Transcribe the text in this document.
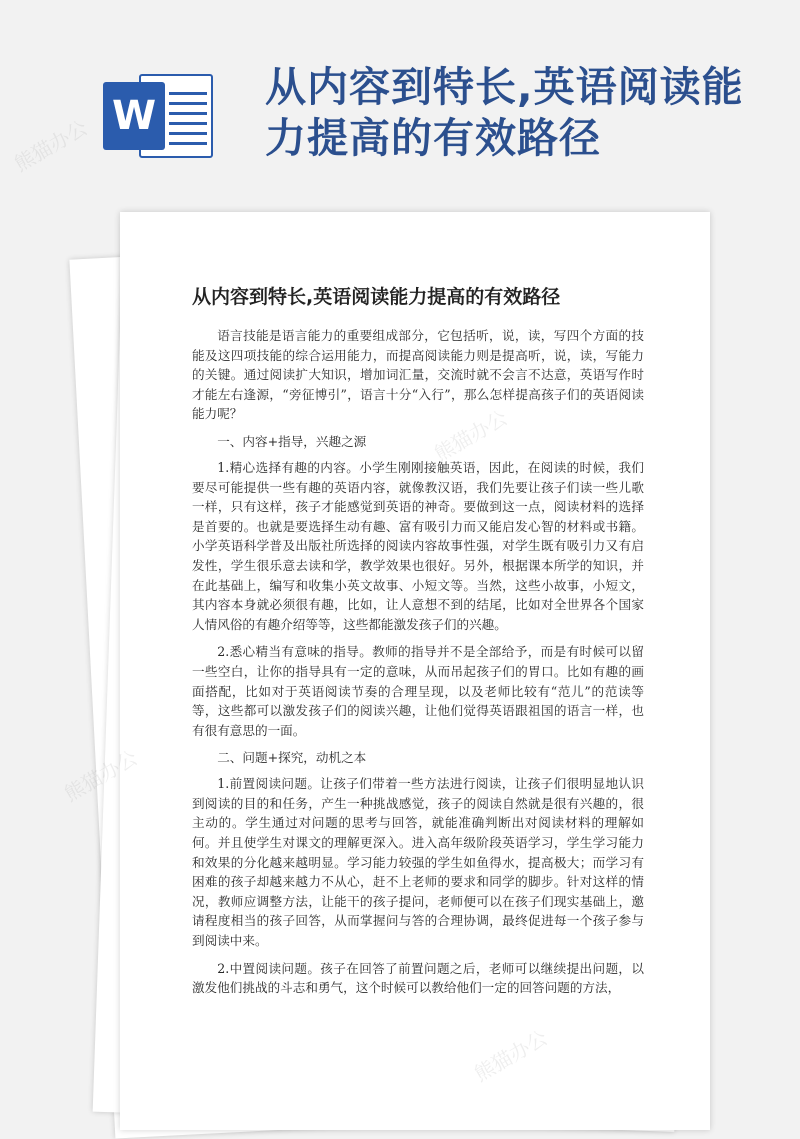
W
从内容到特长,英语阅读能力提高的有效路径
从内容到特长,英语阅读能力提高的有效路径

语言技能是语言能力的重要组成部分，它包括听，说，读，写四个方面的技能及这四项技能的综合运用能力，而提高阅读能力则是提高听，说，读，写能力的关键。通过阅读扩大知识，增加词汇量，交流时就不会言不达意，英语写作时才能左右逢源，“旁征博引”，语言十分“入行”，那么怎样提高孩子们的英语阅读能力呢？

一、内容+指导，兴趣之源

1.精心选择有趣的内容。小学生刚刚接触英语，因此，在阅读的时候，我们要尽可能提供一些有趣的英语内容，就像教汉语，我们先要让孩子们读一些儿歌一样，只有这样，孩子才能感觉到英语的神奇。要做到这一点，阅读材料的选择是首要的。也就是要选择生动有趣、富有吸引力而又能启发心智的材料或书籍。小学英语科学普及出版社所选择的阅读内容故事性强，对学生既有吸引力又有启发性，学生很乐意去读和学，教学效果也很好。另外，根据课本所学的知识，并在此基础上，编写和收集小英文故事、小短文等。当然，这些小故事，小短文，其内容本身就必须很有趣，比如，让人意想不到的结尾，比如对全世界各个国家人情风俗的有趣介绍等等，这些都能激发孩子们的兴趣。

2.悉心精当有意味的指导。教师的指导并不是全部给予，而是有时候可以留一些空白，让你的指导具有一定的意味，从而吊起孩子们的胃口。比如有趣的画面搭配，比如对于英语阅读节奏的合理呈现，以及老师比较有“范儿”的范读等等，这些都可以激发孩子们的阅读兴趣，让他们觉得英语跟祖国的语言一样，也有很有意思的一面。

二、问题+探究，动机之本

1.前置阅读问题。让孩子们带着一些方法进行阅读，让孩子们很明显地认识到阅读的目的和任务，产生一种挑战感觉，孩子的阅读自然就是很有兴趣的，很主动的。学生通过对问题的思考与回答，就能准确判断出对阅读材料的理解如何。并且使学生对课文的理解更深入。进入高年级阶段英语学习，学生学习能力和效果的分化越来越明显。学习能力较强的学生如鱼得水，提高极大；而学习有困难的孩子却越来越力不从心，赶不上老师的要求和同学的脚步。针对这样的情况，教师应调整方法，让能干的孩子提问，老师便可以在孩子们现实基础上，邀请程度相当的孩子回答，从而掌握问与答的合理协调，最终促进每一个孩子参与到阅读中来。

2.中置阅读问题。孩子在回答了前置问题之后，老师可以继续提出问题，以激发他们挑战的斗志和勇气，这个时候可以教给他们一定的回答问题的方法，

熊猫办公
